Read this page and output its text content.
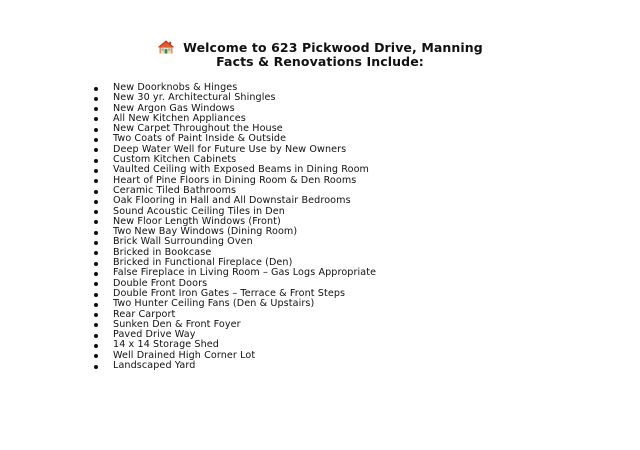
Welcome to 623 Pickwood Drive, Manning
Facts & Renovations Include:
New Doorknobs & Hinges
New 30 yr. Architectural Shingles
New Argon Gas Windows
All New Kitchen Appliances
New Carpet Throughout the House
Two Coats of Paint Inside & Outside
Deep Water Well for Future Use by New Owners
Custom Kitchen Cabinets
Vaulted Ceiling with Exposed Beams in Dining Room
Heart of Pine Floors in Dining Room & Den Rooms
Ceramic Tiled Bathrooms
Oak Flooring in Hall and All Downstair Bedrooms
Sound Acoustic Ceiling Tiles in Den
New Floor Length Windows (Front)
Two New Bay Windows (Dining Room)
Brick Wall Surrounding Oven
Bricked in Bookcase
Bricked in Functional Fireplace (Den)
False Fireplace in Living Room – Gas Logs Appropriate
Double Front Doors
Double Front Iron Gates – Terrace & Front Steps
Two Hunter Ceiling Fans (Den & Upstairs)
Rear Carport
Sunken Den & Front Foyer
Paved Drive Way
14 x 14 Storage Shed
Well Drained High Corner Lot
Landscaped Yard
